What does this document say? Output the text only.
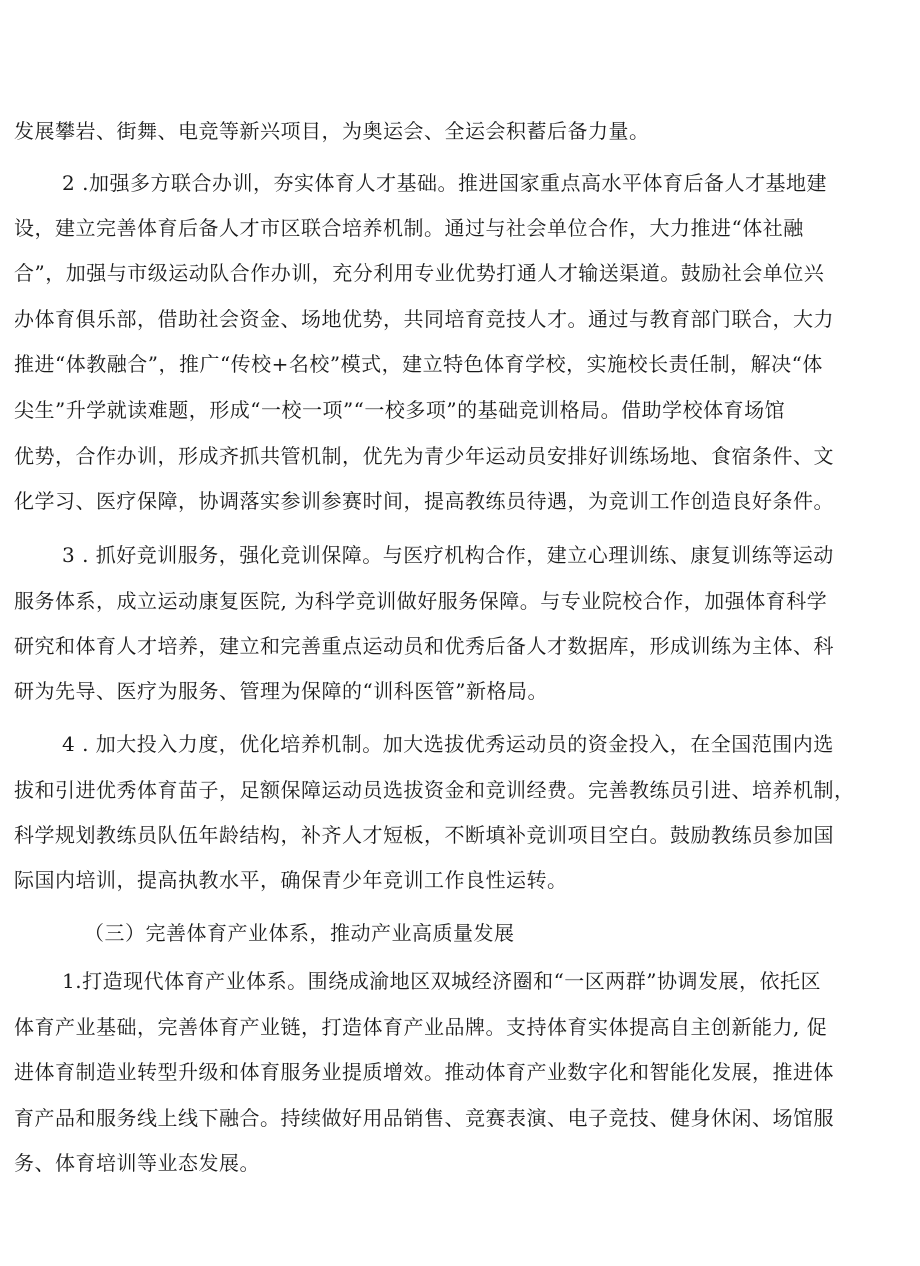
发展攀岩、街舞、电竞等新兴项目，为奥运会、全运会积蓄后备力量。
2 .加强多方联合办训，夯实体育人才基础。推进国家重点高水平体育后备人才基地建
设，建立完善体育后备人才市区联合培养机制。通过与社会单位合作，大力推进“体社融
合”，加强与市级运动队合作办训，充分利用专业优势打通人才输送渠道。鼓励社会单位兴
办体育俱乐部，借助社会资金、场地优势，共同培育竞技人才。通过与教育部门联合，大力
推进“体教融合”，推广“传校+名校”模式，建立特色体育学校，实施校长责任制，解决“体
尖生”升学就读难题，形成“一校一项”“一校多项”的基础竞训格局。借助学校体育场馆
优势，合作办训，形成齐抓共管机制，优先为青少年运动员安排好训练场地、食宿条件、文
化学习、医疗保障，协调落实参训参赛时间，提高教练员待遇，为竞训工作创造良好条件。
3 . 抓好竞训服务，强化竞训保障。与医疗机构合作，建立心理训练、康复训练等运动
服务体系，成立运动康复医院, 为科学竞训做好服务保障。与专业院校合作，加强体育科学
研究和体育人才培养，建立和完善重点运动员和优秀后备人才数据库，形成训练为主体、科
研为先导、医疗为服务、管理为保障的“训科医管”新格局。
4 . 加大投入力度，优化培养机制。加大选拔优秀运动员的资金投入，在全国范围内选
拔和引进优秀体育苗子，足额保障运动员选拔资金和竞训经费。完善教练员引进、培养机制，
科学规划教练员队伍年龄结构，补齐人才短板，不断填补竞训项目空白。鼓励教练员参加国
际国内培训，提高执教水平，确保青少年竞训工作良性运转。
（三）完善体育产业体系，推动产业高质量发展
1.打造现代体育产业体系。围绕成渝地区双城经济圈和“一区两群”协调发展，依托区
体育产业基础，完善体育产业链，打造体育产业品牌。支持体育实体提高自主创新能力, 促
进体育制造业转型升级和体育服务业提质增效。推动体育产业数字化和智能化发展，推进体
育产品和服务线上线下融合。持续做好用品销售、竞赛表演、电子竞技、健身休闲、场馆服
务、体育培训等业态发展。
